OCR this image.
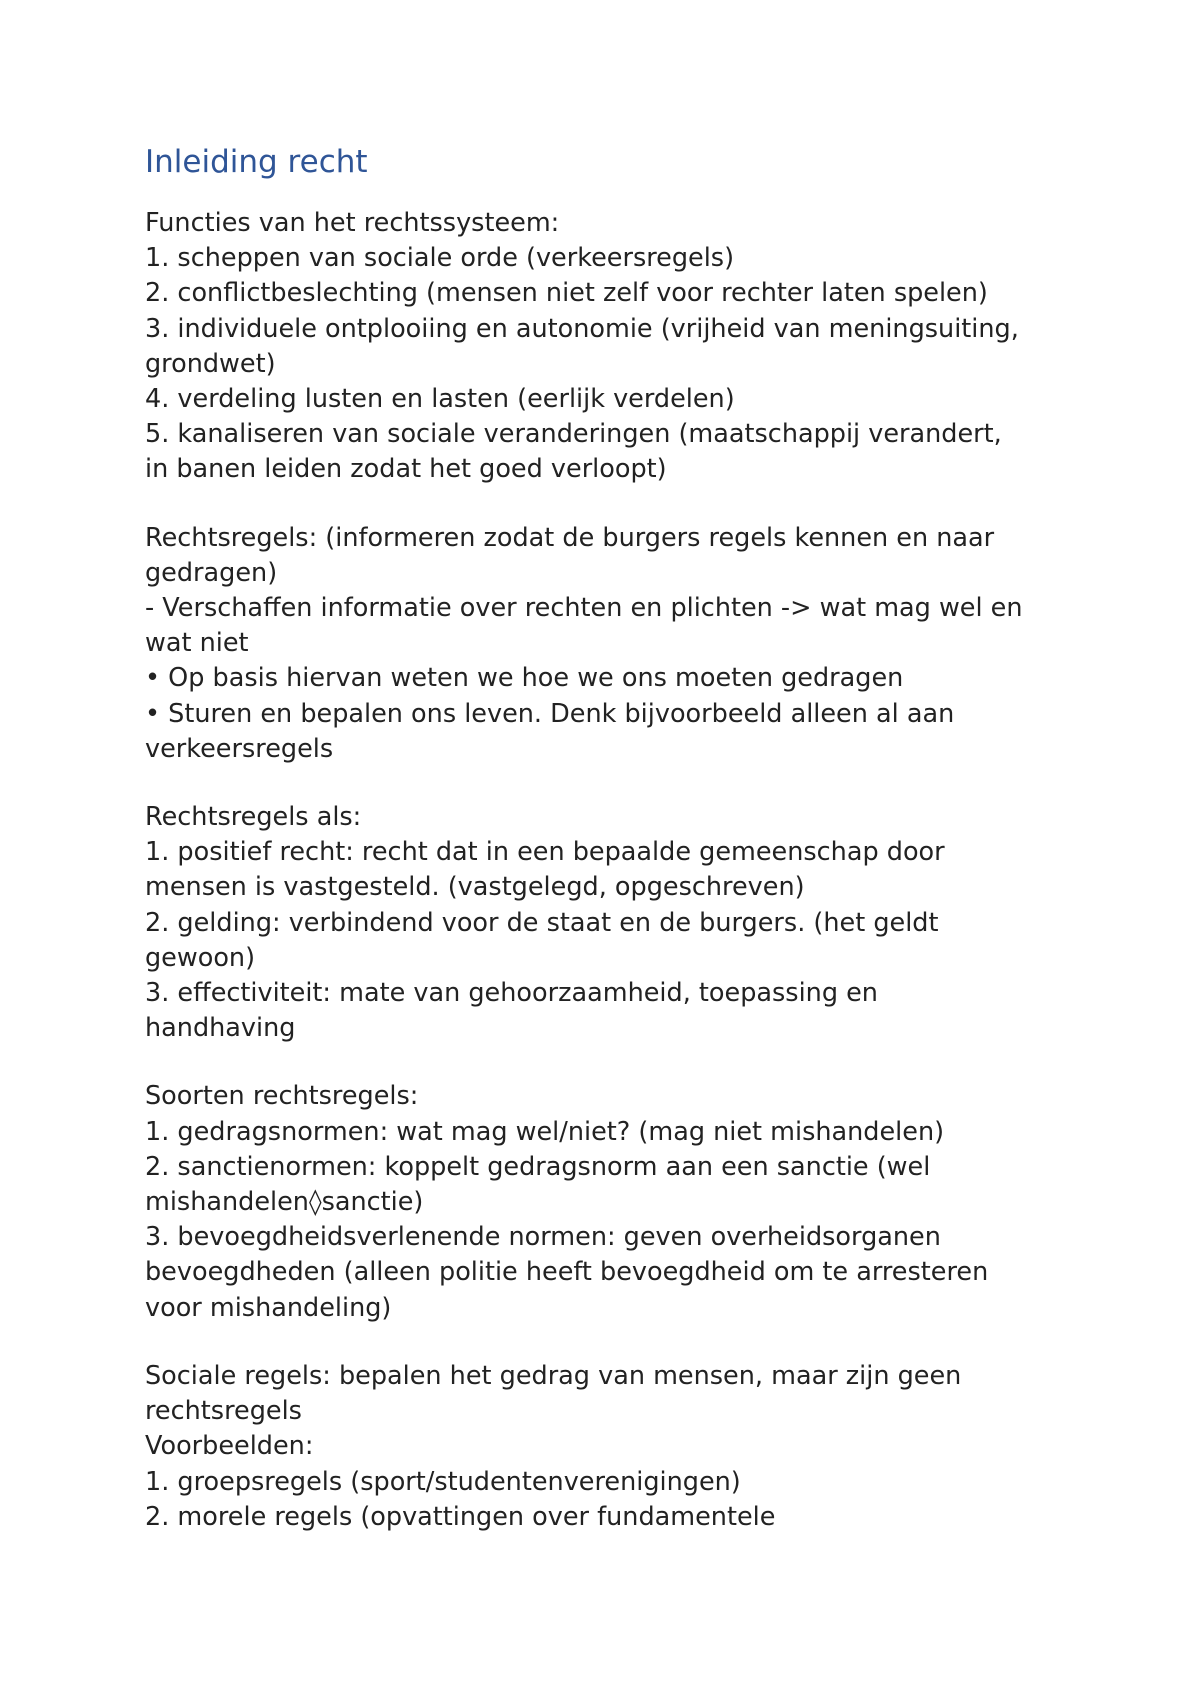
Inleiding recht

Functies van het rechtssysteem:

1. scheppen van sociale orde (verkeersregels)

2. conflictbeslechting (mensen niet zelf voor rechter laten spelen)

3. individuele ontplooiing en autonomie (vrijheid van meningsuiting,

grondwet)

4. verdeling lusten en lasten (eerlijk verdelen)

5. kanaliseren van sociale veranderingen (maatschappij verandert,

in banen leiden zodat het goed verloopt)

Rechtsregels: (informeren zodat de burgers regels kennen en naar

gedragen)

- Verschaffen informatie over rechten en plichten -> wat mag wel en

wat niet

• Op basis hiervan weten we hoe we ons moeten gedragen

• Sturen en bepalen ons leven. Denk bijvoorbeeld alleen al aan

verkeersregels

Rechtsregels als:

1. positief recht: recht dat in een bepaalde gemeenschap door

mensen is vastgesteld. (vastgelegd, opgeschreven)

2. gelding: verbindend voor de staat en de burgers. (het geldt

gewoon)

3. effectiviteit: mate van gehoorzaamheid, toepassing en

handhaving

Soorten rechtsregels:

1. gedragsnormen: wat mag wel/niet? (mag niet mishandelen)

2. sanctienormen: koppelt gedragsnorm aan een sanctie (wel

mishandelen◊sanctie)

3. bevoegdheidsverlenende normen: geven overheidsorganen

bevoegdheden (alleen politie heeft bevoegdheid om te arresteren

voor mishandeling)

Sociale regels: bepalen het gedrag van mensen, maar zijn geen

rechtsregels

Voorbeelden:

1. groepsregels (sport/studentenverenigingen)

2. morele regels (opvattingen over fundamentele
